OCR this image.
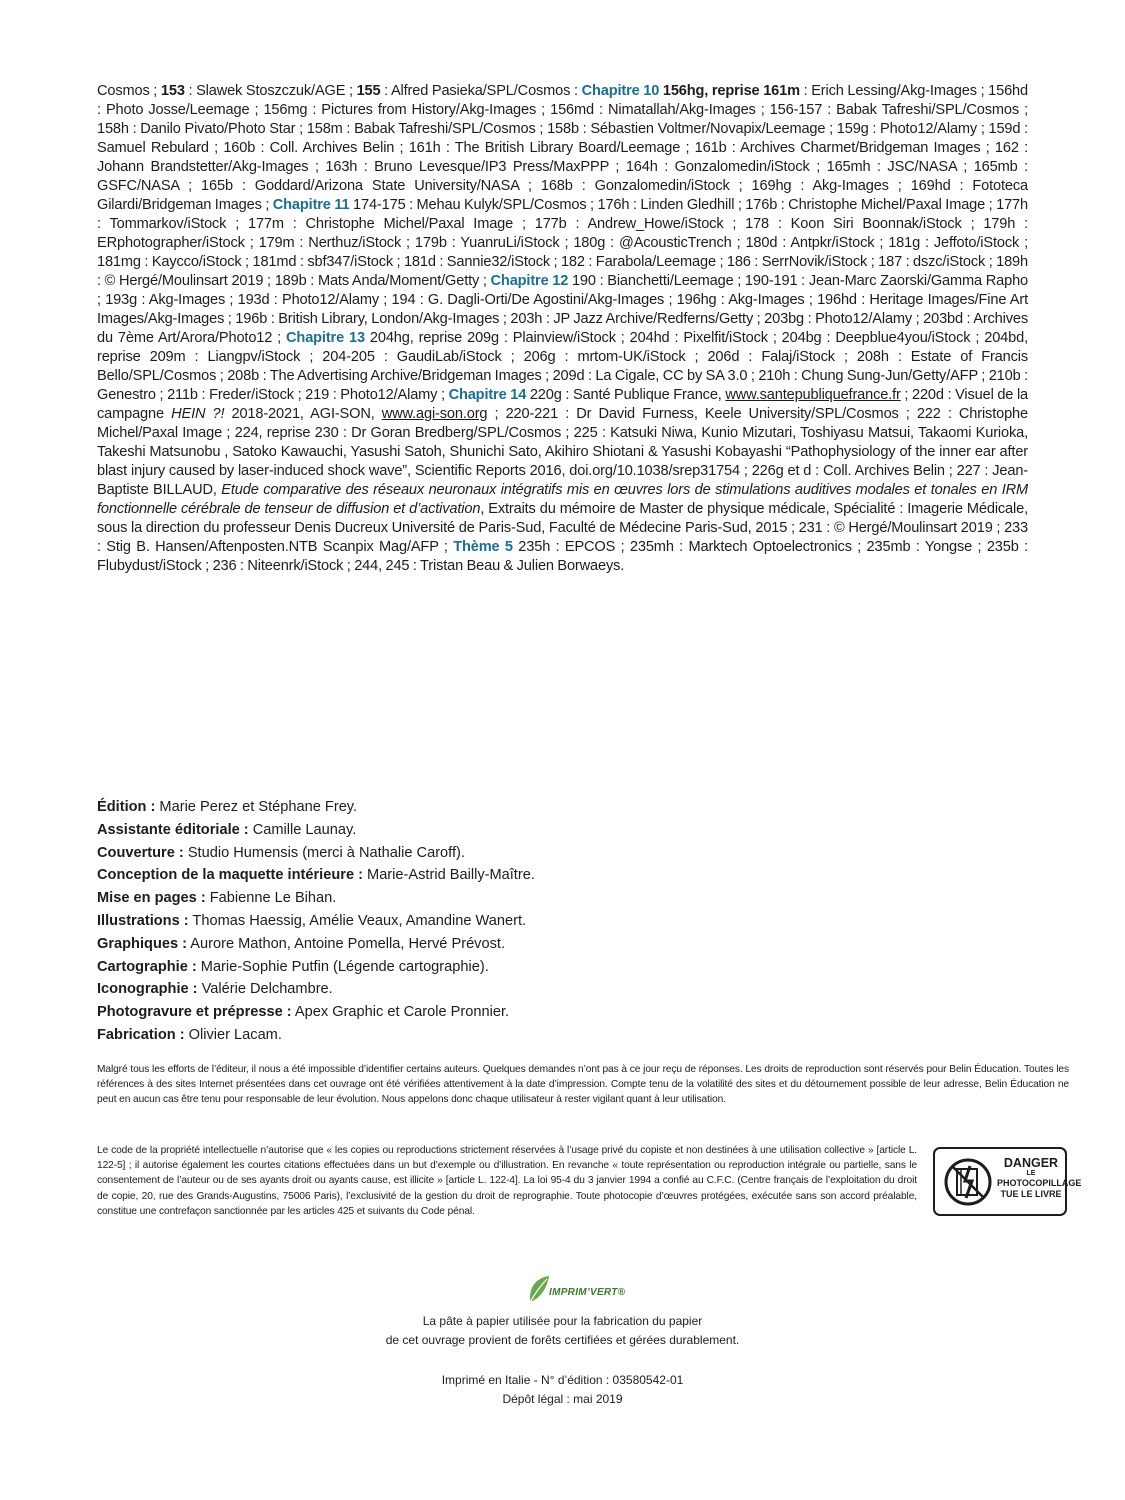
Cosmos ; 153 : Slawek Stoszczuk/AGE ; 155 : Alfred Pasieka/SPL/Cosmos : Chapitre 10 156hg, reprise 161m : Erich Lessing/Akg-Images ; 156hd : Photo Josse/Leemage ; 156mg : Pictures from History/Akg-Images ; 156md : Nimatallah/Akg-Images ; 156-157 : Babak Tafreshi/SPL/Cosmos ; 158h : Danilo Pivato/Photo Star ; 158m : Babak Tafreshi/SPL/Cosmos ; 158b : Sébastien Voltmer/Novapix/Leemage ; 159g : Photo12/Alamy ; 159d : Samuel Rebulard ; 160b : Coll. Archives Belin ; 161h : The British Library Board/Leemage ; 161b : Archives Charmet/Bridgeman Images ; 162 : Johann Brandstetter/Akg-Images ; 163h : Bruno Levesque/IP3 Press/MaxPPP ; 164h : Gonzalomedin/iStock ; 165mh : JSC/NASA ; 165mb : GSFC/NASA ; 165b : Goddard/Arizona State University/NASA ; 168b : Gonzalomedin/iStock ; 169hg : Akg-Images ; 169hd : Fototeca Gilardi/Bridgeman Images ; Chapitre 11 174-175 : Mehau Kulyk/SPL/Cosmos ; 176h : Linden Gledhill ; 176b : Christophe Michel/Paxal Image ; 177h : Tommarkov/iStock ; 177m : Christophe Michel/Paxal Image ; 177b : Andrew_Howe/iStock ; 178 : Koon Siri Boonnak/iStock ; 179h : ERphotographer/iStock ; 179m : Nerthuz/iStock ; 179b : YuanruLi/iStock ; 180g : @AcousticTrench ; 180d : Antpkr/iStock ; 181g : Jeffoto/iStock ; 181mg : Kaycco/iStock ; 181md : sbf347/iStock ; 181d : Sannie32/iStock ; 182 : Farabola/Leemage ; 186 : SerrNovik/iStock ; 187 : dszc/iStock ; 189h : © Hergé/Moulinsart 2019 ; 189b : Mats Anda/Moment/Getty ; Chapitre 12 190 : Bianchetti/Leemage ; 190-191 : Jean-Marc Zaorski/Gamma Rapho ; 193g : Akg-Images ; 193d : Photo12/Alamy ; 194 : G. Dagli-Orti/De Agostini/Akg-Images ; 196hg : Akg-Images ; 196hd : Heritage Images/Fine Art Images/Akg-Images ; 196b : British Library, London/Akg-Images ; 203h : JP Jazz Archive/Redferns/Getty ; 203bg : Photo12/Alamy ; 203bd : Archives du 7ème Art/Arora/Photo12 ; Chapitre 13 204hg, reprise 209g : Plainview/iStock ; 204hd : Pixelfit/iStock ; 204bg : Deepblue4you/iStock ; 204bd, reprise 209m : Liangpv/iStock ; 204-205 : GaudiLab/iStock ; 206g : mrtom-UK/iStock ; 206d : Falaj/iStock ; 208h : Estate of Francis Bello/SPL/Cosmos ; 208b : The Advertising Archive/Bridgeman Images ; 209d : La Cigale, CC by SA 3.0 ; 210h : Chung Sung-Jun/Getty/AFP ; 210b : Genestro ; 211b : Freder/iStock ; 219 : Photo12/Alamy ; Chapitre 14 220g : Santé Publique France, www.santepubliquefrance.fr ; 220d : Visuel de la campagne HEIN ?! 2018-2021, AGI-SON, www.agi-son.org ; 220-221 : Dr David Furness, Keele University/SPL/Cosmos ; 222 : Christophe Michel/Paxal Image ; 224, reprise 230 : Dr Goran Bredberg/SPL/Cosmos ; 225 : Katsuki Niwa, Kunio Mizutari, Toshiyasu Matsui, Takaomi Kurioka, Takeshi Matsunobu , Satoko Kawauchi, Yasushi Satoh, Shunichi Sato, Akihiro Shiotani & Yasushi Kobayashi “Pathophysiology of the inner ear after blast injury caused by laser-induced shock wave”, Scientific Reports 2016, doi.org/10.1038/srep31754 ; 226g et d : Coll. Archives Belin ; 227 : Jean-Baptiste BILLAUD, Etude comparative des réseaux neuronaux intégratifs mis en œuvres lors de stimulations auditives modales et tonales en IRM fonctionnelle cérébrale de tenseur de diffusion et d’activation, Extraits du mémoire de Master de physique médicale, Spécialité : Imagerie Médicale, sous la direction du professeur Denis Ducreux Université de Paris-Sud, Faculté de Médecine Paris-Sud, 2015 ; 231 : © Hergé/Moulinsart 2019 ; 233 : Stig B. Hansen/Aftenposten.NTB Scanpix Mag/AFP ; Thème 5 235h : EPCOS ; 235mh : Marktech Optoelectronics ; 235mb : Yongse ; 235b : Flubydust/iStock ; 236 : Niteenrk/iStock ; 244, 245 : Tristan Beau & Julien Borwaeys.
Édition : Marie Perez et Stéphane Frey.
Assistante éditoriale : Camille Launay.
Couverture : Studio Humensis (merci à Nathalie Caroff).
Conception de la maquette intérieure : Marie-Astrid Bailly-Maître.
Mise en pages : Fabienne Le Bihan.
Illustrations : Thomas Haessig, Amélie Veaux, Amandine Wanert.
Graphiques : Aurore Mathon, Antoine Pomella, Hervé Prévost.
Cartographie : Marie-Sophie Putfin (Légende cartographie).
Iconographie : Valérie Delchambre.
Photogravure et prépresse : Apex Graphic et Carole Pronnier.
Fabrication : Olivier Lacam.
Malgré tous les efforts de l’éditeur, il nous a été impossible d’identifier certains auteurs. Quelques demandes n’ont pas à ce jour reçu de réponses. Les droits de reproduction sont réservés pour Belin Éducation. Toutes les références à des sites Internet présentées dans cet ouvrage ont été vérifiées attentivement à la date d’impression. Compte tenu de la volatilité des sites et du détournement possible de leur adresse, Belin Éducation ne peut en aucun cas être tenu pour responsable de leur évolution. Nous appelons donc chaque utilisateur à rester vigilant quant à leur utilisation.
Le code de la propriété intellectuelle n’autorise que « les copies ou reproductions strictement réservées à l’usage privé du copiste et non destinées à une utilisation collective » [article L. 122-5] ; il autorise également les courtes citations effectuées dans un but d’exemple ou d’illustration. En revanche « toute représentation ou reproduction intégrale ou partielle, sans le consentement de l’auteur ou de ses ayants droit ou ayants cause, est illicite » [article L. 122-4]. La loi 95-4 du 3 janvier 1994 a confié au C.F.C. (Centre français de l’exploitation du droit de copie, 20, rue des Grands-Augustins, 75006 Paris), l’exclusivité de la gestion du droit de reprographie. Toute photocopie d’œuvres protégées, exécutée sans son accord préalable, constitue une contrefaçon sanctionnée par les articles 425 et suivants du Code pénal.
DANGER
LE
PHOTOCOPILLAGE
TUE LE LIVRE
IMPRIM’VERT®
La pâte à papier utilisée pour la fabrication du papier
de cet ouvrage provient de forêts certifiées et gérées durablement.
Imprimé en Italie - N° d’édition : 03580542-01
Dépôt légal : mai 2019
